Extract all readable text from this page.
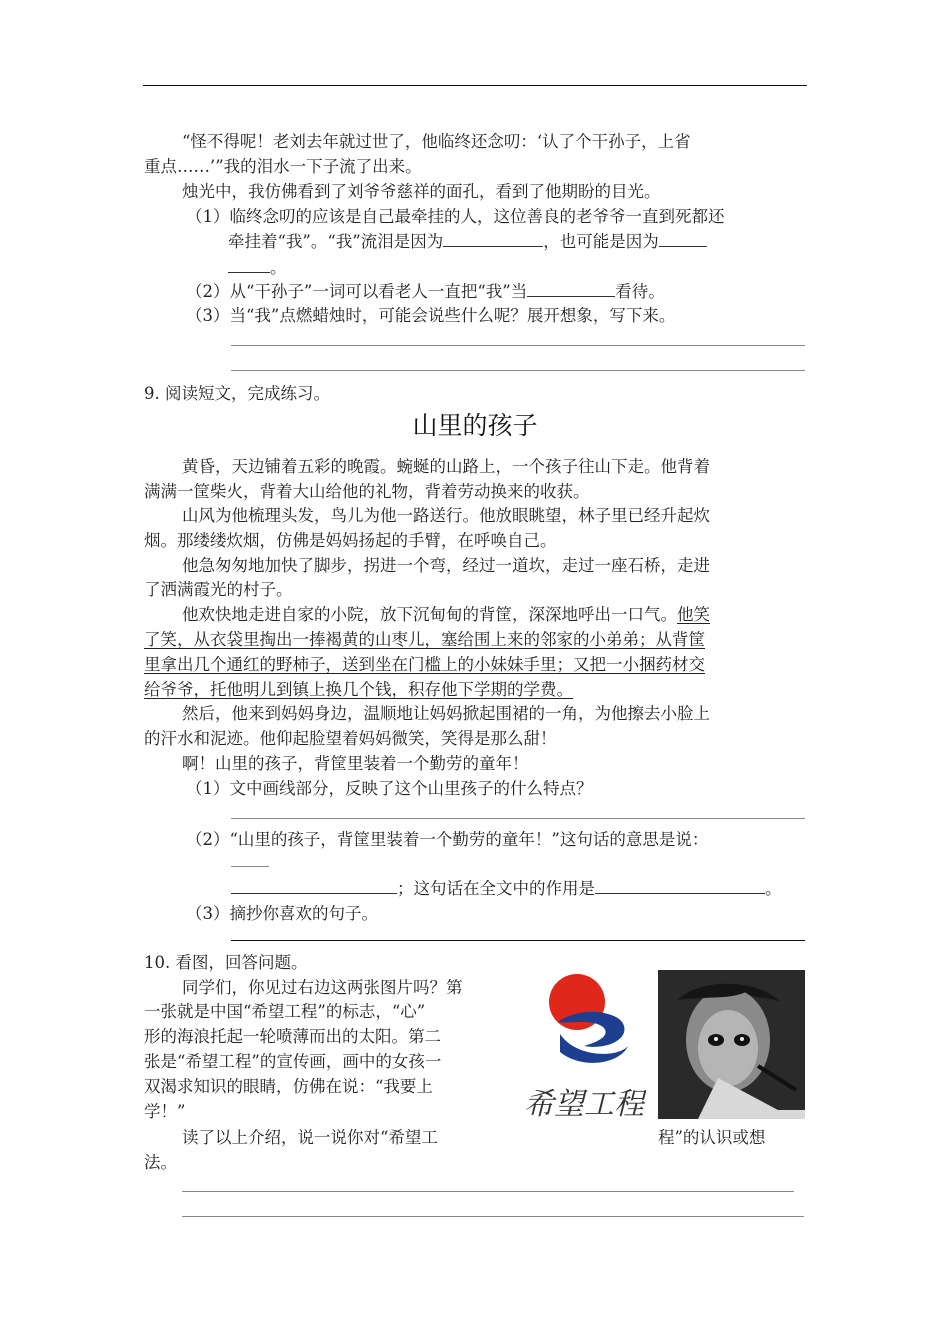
“怪不得呢！老刘去年就过世了，他临终还念叨：‘认了个干孙子，上省
重点……’”我的泪水一下子流了出来。
烛光中，我仿佛看到了刘爷爷慈祥的面孔，看到了他期盼的目光。
（1）临终念叨的应该是自己最牵挂的人，这位善良的老爷爷一直到死都还
牵挂着“我”。“我”流泪是因为	，也可能是因为
。
（2）从“干孙子”一词可以看老人一直把“我”当	看待。
（3）当“我”点燃蜡烛时，可能会说些什么呢？展开想象，写下来。
9. 阅读短文，完成练习。
山里的孩子
黄昏，天边铺着五彩的晚霞。蜿蜒的山路上，一个孩子往山下走。他背着
满满一筐柴火，背着大山给他的礼物，背着劳动换来的收获。
山风为他梳理头发，鸟儿为他一路送行。他放眼眺望，林子里已经升起炊
烟。那缕缕炊烟，仿佛是妈妈扬起的手臂，在呼唤自己。
他急匆匆地加快了脚步，拐进一个弯，经过一道坎，走过一座石桥，走进
了洒满霞光的村子。
他欢快地走进自家的小院，放下沉甸甸的背筐，深深地呼出一口气。他笑
了笑，从衣袋里掏出一捧褐黄的山枣儿，塞给围上来的邻家的小弟弟；从背筐
里拿出几个通红的野柿子，送到坐在门槛上的小妹妹手里；又把一小捆药材交
给爷爷，托他明儿到镇上换几个钱，积存他下学期的学费。
然后，他来到妈妈身边，温顺地让妈妈掀起围裙的一角，为他擦去小脸上
的汗水和泥迹。他仰起脸望着妈妈微笑，笑得是那么甜！
啊！山里的孩子，背筐里装着一个勤劳的童年！
（1）文中画线部分，反映了这个山里孩子的什么特点？
（2）“山里的孩子，背筐里装着一个勤劳的童年！”这句话的意思是说：
；这句话在全文中的作用是	。
（3）摘抄你喜欢的句子。
10. 看图，回答问题。
同学们，你见过右边这两张图片吗？第
一张就是中国“希望工程”的标志，“心”
形的海浪托起一轮喷薄而出的太阳。第二
张是“希望工程”的宣传画，画中的女孩一
双渴求知识的眼睛，仿佛在说：“我要上
学！”
读了以上介绍，说一说你对“希望工	程”的认识或想
法。
希望工程
